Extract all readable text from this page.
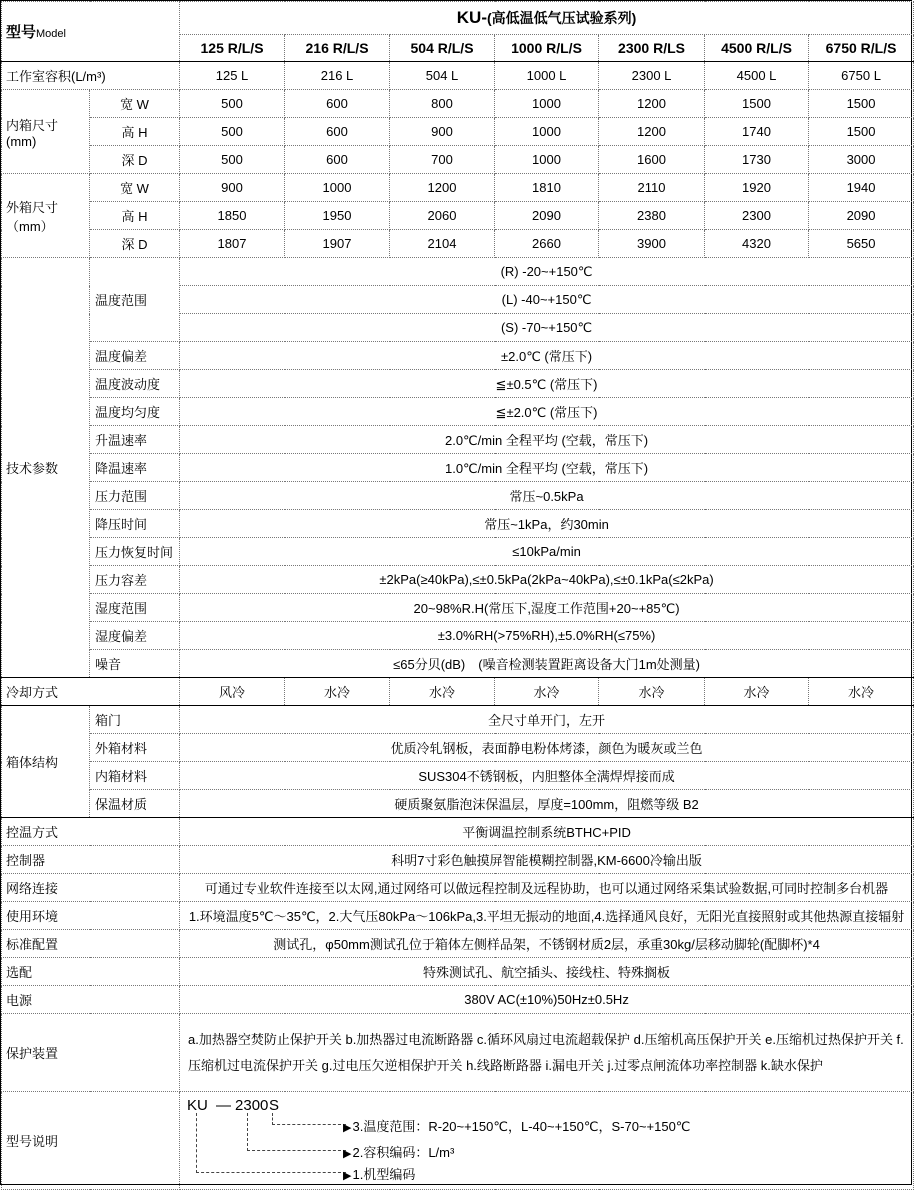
型号Model		KU-(高低温低气压试验系列)						
		125 R/L/S	216 R/L/S	504 R/L/S	1000 R/L/S	2300 R/LS	4500 R/L/S	6750 R/L/S
工作室容积(L/m³)		125 L	216 L	504 L	1000 L	2300 L	4500 L	6750 L
内箱尺寸
(mm)	宽 W	500	600	800	1000	1200	1500	1500
	高 H	500	600	900	1000	1200	1740	1500
	深 D	500	600	700	1000	1600	1730	3000
外箱尺寸
（mm）	宽 W	900	1000	1200	1810	2110	1920	1940
	高 H	1850	1950	2060	2090	2380	2300	2090
	深 D	1807	1907	2104	2660	3900	4320	5650
技术参数	温度范围	(R) -20~+150℃						
		(L) -40~+150℃						
		(S) -70~+150℃						
	温度偏差	±2.0℃ (常压下)						
	温度波动度	≦±0.5℃ (常压下)						
	温度均匀度	≦±2.0℃ (常压下)						
	升温速率	2.0℃/min 全程平均 (空载，常压下)						
	降温速率	1.0℃/min 全程平均 (空载，常压下)						
	压力范围	常压~0.5kPa						
	降压时间	常压~1kPa，约30min						
	压力恢复时间	≤10kPa/min						
	压力容差	±2kPa(≥40kPa),≤±0.5kPa(2kPa~40kPa),≤±0.1kPa(≤2kPa)						
	湿度范围	20~98%R.H(常压下,湿度工作范围+20~+85℃)						
	湿度偏差	±3.0%RH(>75%RH),±5.0%RH(≤75%)						
	噪音	≤65分贝(dB)　(噪音检测装置距离设备大门1m处测量)						
冷却方式		风冷	水冷	水冷	水冷	水冷	水冷	水冷
箱体结构	箱门	全尺寸单开门，左开						
	外箱材料	优质冷轧钢板，表面静电粉体烤漆，颜色为暖灰或兰色						
	内箱材料	SUS304不锈钢板，内胆整体全满焊焊接而成						
	保温材质	硬质聚氨脂泡沫保温层，厚度=100mm，阻燃等级 B2						
控温方式		平衡调温控制系统BTHC+PID						
控制器		科明7寸彩色触摸屏智能模糊控制器,KM-6600冷输出版						
网络连接		可通过专业软件连接至以太网,通过网络可以做远程控制及远程协助，也可以通过网络采集试验数据,可同时控制多台机器						
使用环境		1.环境温度5℃～35℃，2.大气压80kPa～106kPa,3.平坦无振动的地面,4.选择通风良好，无阳光直接照射或其他热源直接辐射						
标准配置		测试孔，φ50mm测试孔位于箱体左侧样品架，不锈钢材质2层，承重30kg/层移动脚轮(配脚杯)*4						
选配		特殊测试孔、航空插头、接线柱、特殊搁板						
电源		380V AC(±10%)50Hz±0.5Hz						
保护装置		a.加热器空焚防止保护开关 b.加热器过电流断路器 c.循环风扇过电流超载保护 d.压缩机高压保护开关 e.压缩机过热保护开关 f.压缩机过电流保护开关 g.过电压欠逆相保护开关 h.线路断路器 i.漏电开关 j.过零点闸流体功率控制器 k.缺水保护						
型号说明	
KU — 2300 S
▶3.温度范围：R-20~+150℃，L-40~+150℃，S-70~+150℃
▶2.容积编码：L/m³
▶1.机型编码
